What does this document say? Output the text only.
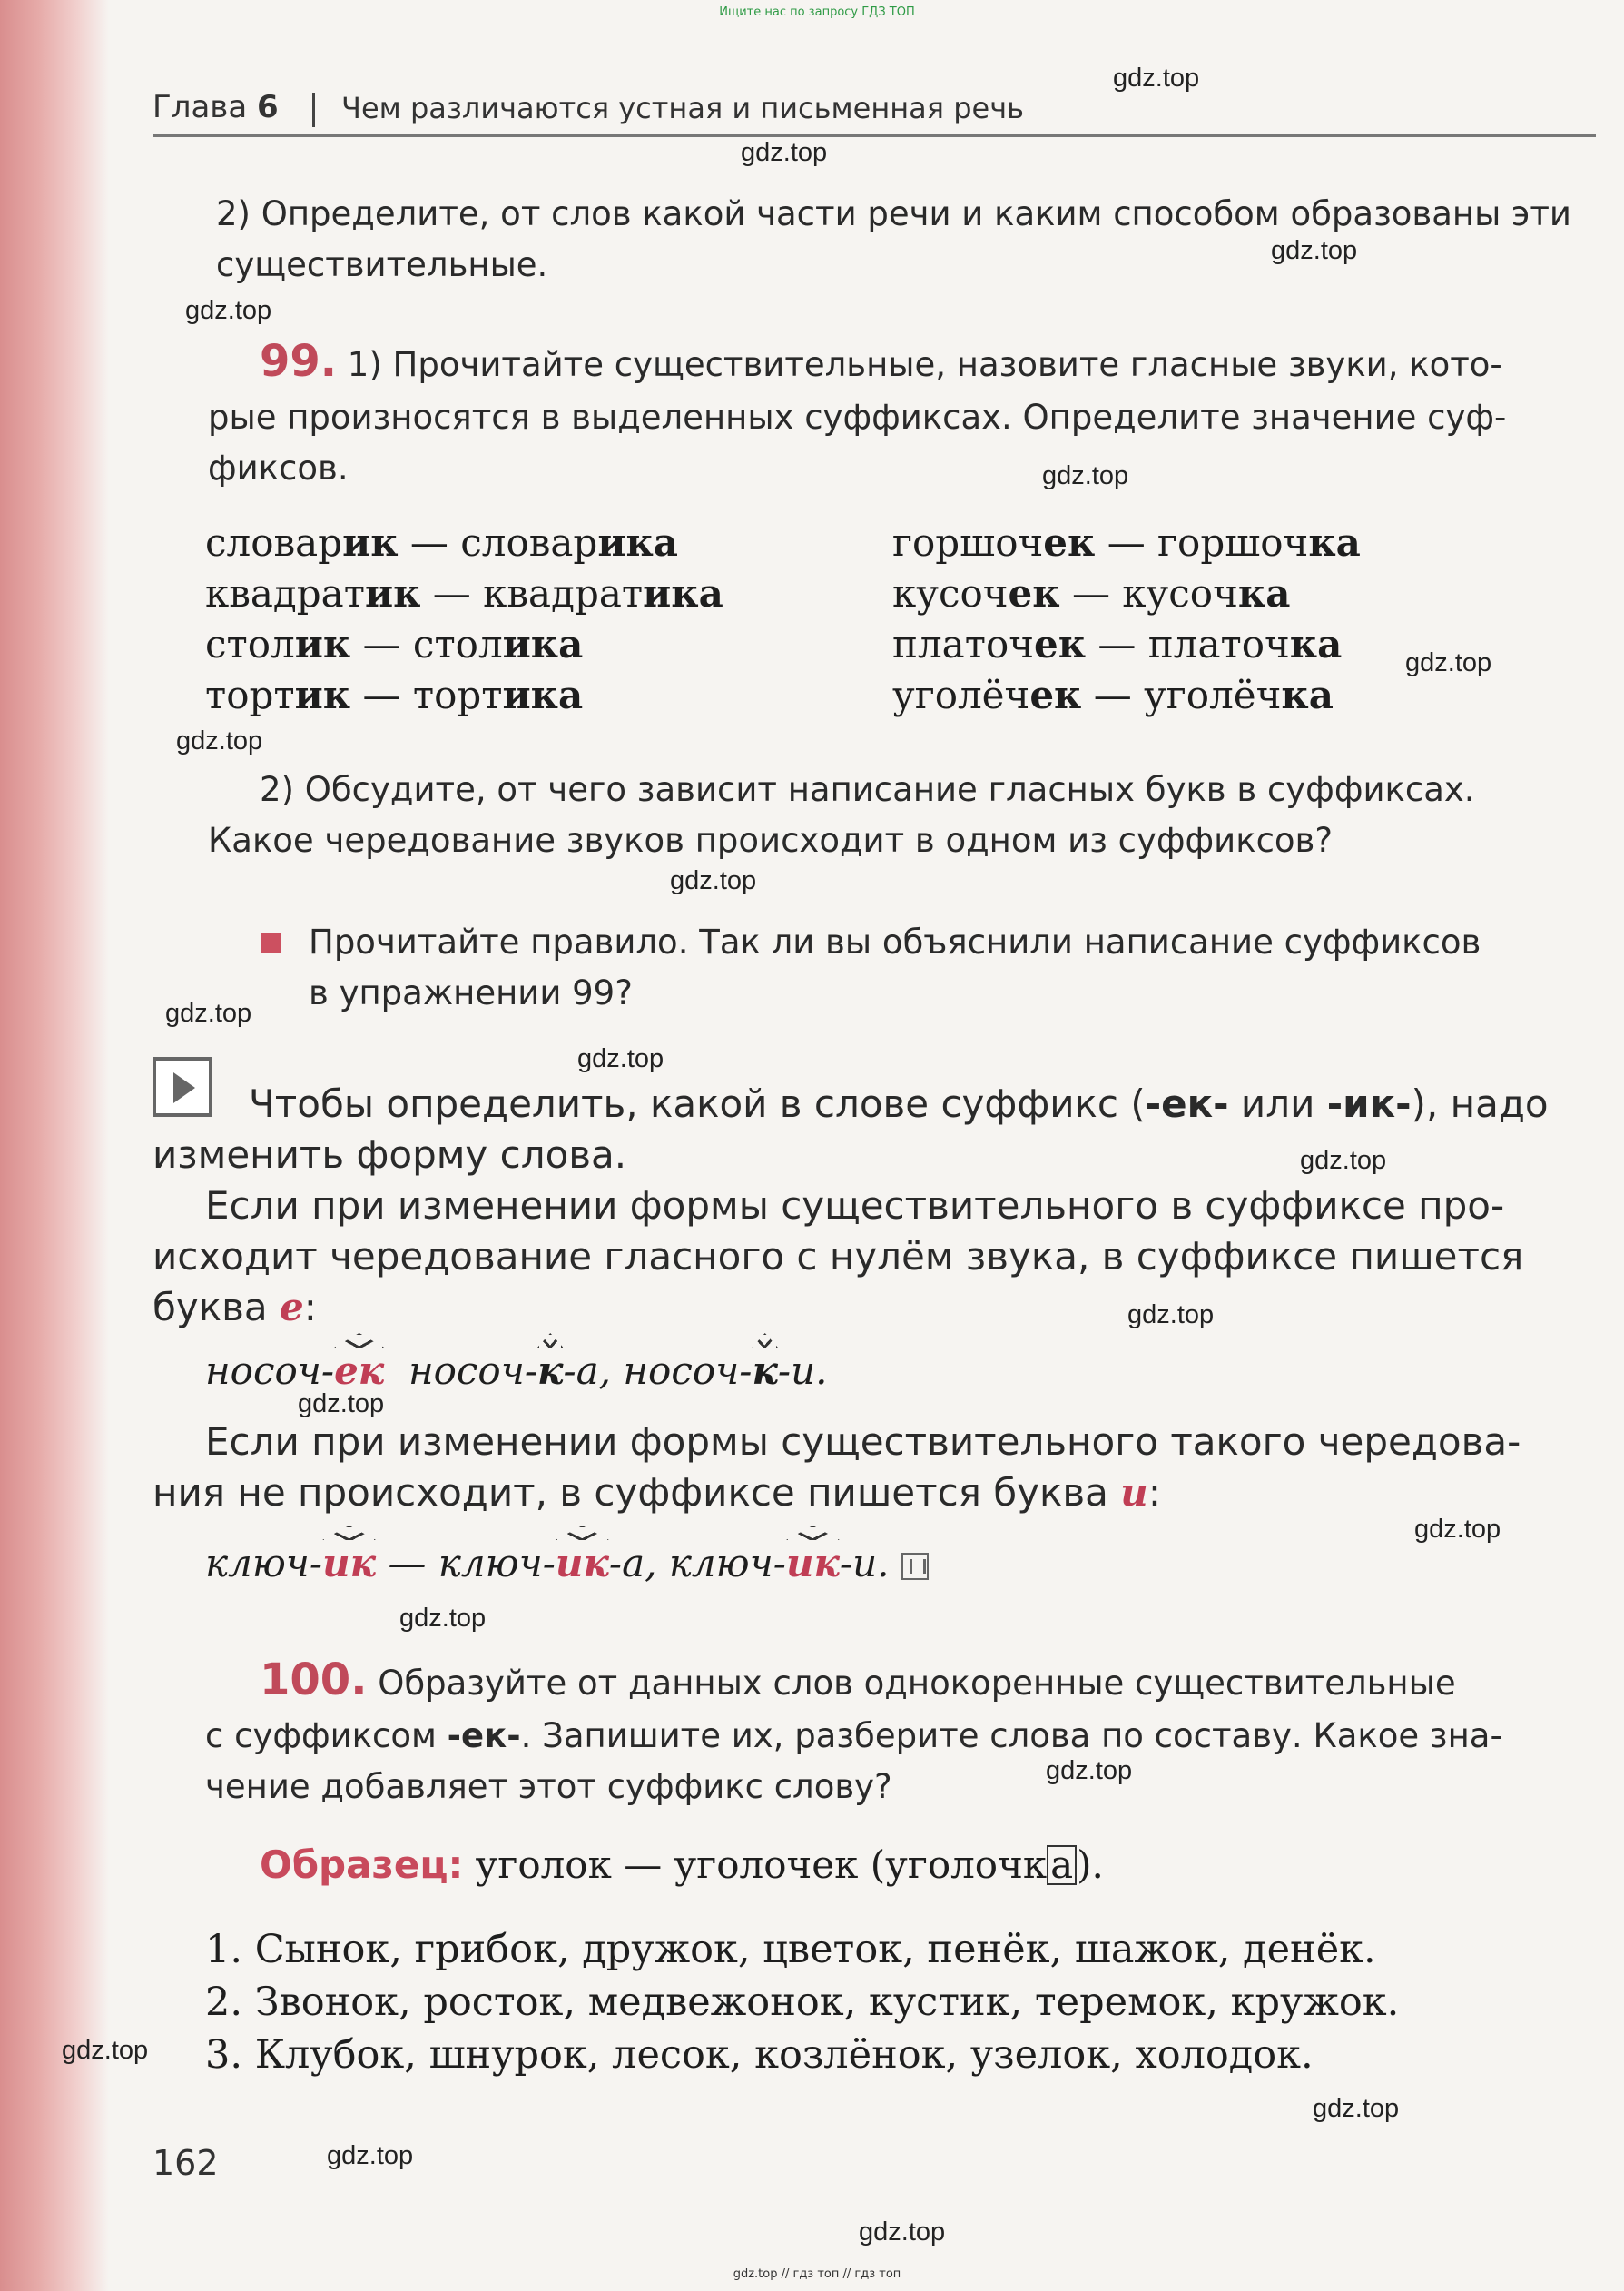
Ищите нас по запросу ГДЗ ТОП
Глава 6 Чем различаются устная и письменная речь
2) Определите, от слов какой части речи и каким способом образованы эти существительные.
99. 1) Прочитайте существительные, назовите гласные звуки, кото-
рые произносятся в выделенных суффиксах. Определите значение суф-
фиксов.
словарик — словарика
квадратик — квадратика
столик — столика
тортик — тортика
горшочек — горшочка
кусочек — кусочка
платочек — платочка
уголёчек — уголёчка
2) Обсудите, от чего зависит написание гласных букв в суффиксах.
Какое чередование звуков происходит в одном из суффиксов?
Прочитайте правило. Так ли вы объяснили написание суффиксов
в упражнении 99?
Чтобы определить, какой в слове суффикс (-ек- или -ик-), надо
изменить форму слова.
Если при изменении формы существительного в суффиксе про-
исходит чередование гласного с нулём звука, в суффиксе пишется
буква е:
носоч-ек носоч-к-а, носоч-к-и.
Если при изменении формы существительного такого чередова-
ния не происходит, в суффиксе пишется буква и:
ключ-ик — ключ-ик-а, ключ-ик-и.
100. Образуйте от данных слов однокоренные существительные
с суффиксом -ек-. Запишите их, разберите слова по составу. Какое зна-
чение добавляет этот суффикс слову?
Образец: уголок — уголочек (уголочка).
1. Сынок, грибок, дружок, цветок, пенёк, шажок, денёк.
2. Звонок, росток, медвежонок, кустик, теремок, кружок.
3. Клубок, шнурок, лесок, козлёнок, узелок, холодок.
162
gdz.top
gdz.top
gdz.top
gdz.top
gdz.top
gdz.top
gdz.top
gdz.top
gdz.top
gdz.top
gdz.top
gdz.top
gdz.top
gdz.top
gdz.top
gdz.top
gdz.top
gdz.top
gdz.top
gdz.top
gdz.top // гдз топ // гдз топ
